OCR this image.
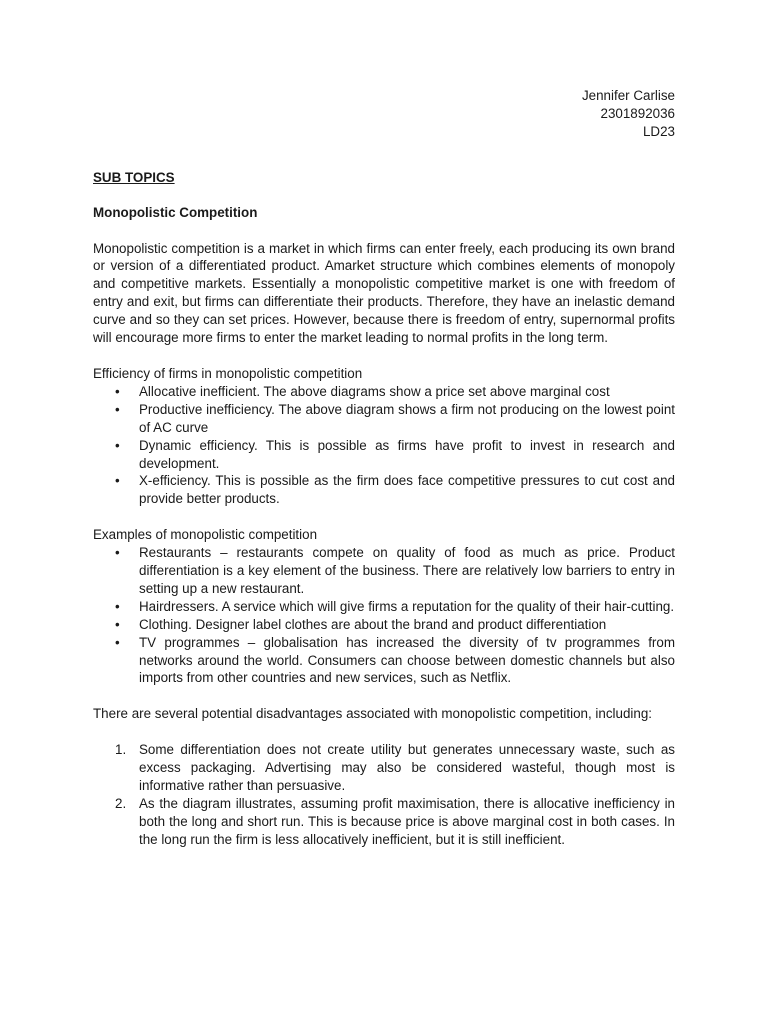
Jennifer Carlise
2301892036
LD23
SUB TOPICS
Monopolistic Competition

Monopolistic competition is a market in which firms can enter freely, each producing its own brand or version of a differentiated product. Amarket structure which combines elements of monopoly and competitive markets. Essentially a monopolistic competitive market is one with freedom of entry and exit, but firms can differentiate their products. Therefore, they have an inelastic demand curve and so they can set prices. However, because there is freedom of entry, supernormal profits will encourage more firms to enter the market leading to normal profits in the long term.

Efficiency of firms in monopolistic competition
• Allocative inefficient. The above diagrams show a price set above marginal cost
• Productive inefficiency. The above diagram shows a firm not producing on the lowest point of AC curve
• Dynamic efficiency. This is possible as firms have profit to invest in research and development.
• X-efficiency. This is possible as the firm does face competitive pressures to cut cost and provide better products.
Examples of monopolistic competition
• Restaurants – restaurants compete on quality of food as much as price. Product differentiation is a key element of the business. There are relatively low barriers to entry in setting up a new restaurant.
• Hairdressers. A service which will give firms a reputation for the quality of their hair-cutting.
• Clothing. Designer label clothes are about the brand and product differentiation
• TV programmes – globalisation has increased the diversity of tv programmes from networks around the world. Consumers can choose between domestic channels but also imports from other countries and new services, such as Netflix.

There are several potential disadvantages associated with monopolistic competition, including:

1. Some differentiation does not create utility but generates unnecessary waste, such as excess packaging. Advertising may also be considered wasteful, though most is informative rather than persuasive.
2. As the diagram illustrates, assuming profit maximisation, there is allocative inefficiency in both the long and short run. This is because price is above marginal cost in both cases. In the long run the firm is less allocatively inefficient, but it is still inefficient.
